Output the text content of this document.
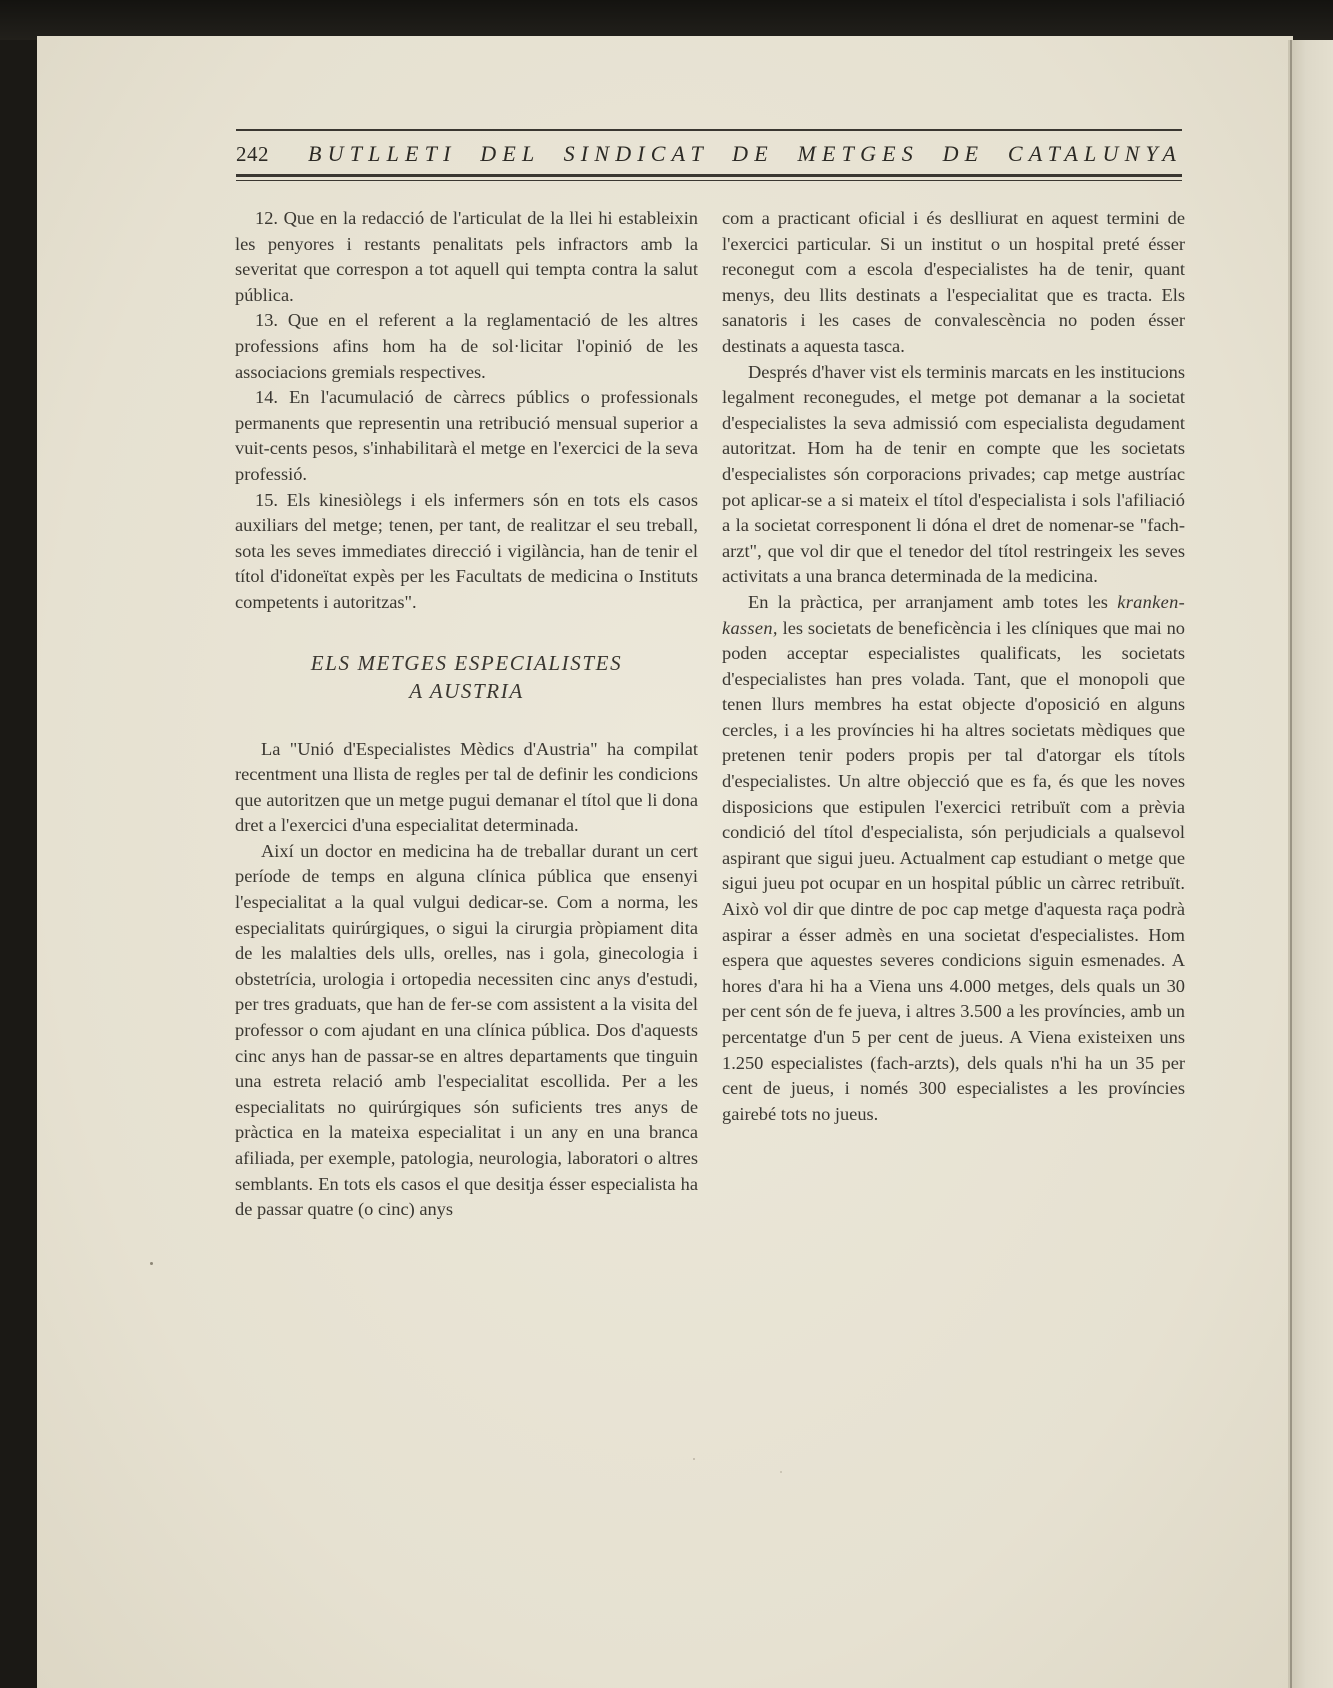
242 BUTLLETI DEL SINDICAT DE METGES DE CATALUNYA

12. Que en la redacció de l'articulat de la llei hi estableixin les penyores i restants penalitats pels infractors amb la severitat que correspon a tot aquell qui tempta contra la salut pública.

13. Que en el referent a la reglamentació de les altres professions afins hom ha de sol·licitar l'opinió de les associacions gremials respectives.

14. En l'acumulació de càrrecs públics o professionals permanents que representin una retribució mensual superior a vuit-cents pesos, s'inhabilitarà el metge en l'exercici de la seva professió.

15. Els kinesiòlegs i els infermers són en tots els casos auxiliars del metge; tenen, per tant, de realitzar el seu treball, sota les seves immediates direcció i vigilància, han de tenir el títol d'idoneïtat expès per les Facultats de medicina o Instituts competents i autoritzas".

ELS METGES ESPECIALISTES
A AUSTRIA

La "Unió d'Especialistes Mèdics d'Austria" ha compilat recentment una llista de regles per tal de definir les condicions que autoritzen que un metge pugui demanar el títol que li dona dret a l'exercici d'una especialitat determinada.

Així un doctor en medicina ha de treballar durant un cert període de temps en alguna clínica pública que ensenyi l'especialitat a la qual vulgui dedicar-se. Com a norma, les especialitats quirúrgiques, o sigui la cirurgia pròpiament dita de les malalties dels ulls, orelles, nas i gola, ginecologia i obstetrícia, urologia i ortopedia necessiten cinc anys d'estudi, per tres graduats, que han de fer-se com assistent a la visita del professor o com ajudant en una clínica pública. Dos d'aquests cinc anys han de passar-se en altres departaments que tinguin una estreta relació amb l'especialitat escollida. Per a les especialitats no quirúrgiques són suficients tres anys de pràctica en la mateixa especialitat i un any en una branca afiliada, per exemple, patologia, neurologia, laboratori o altres semblants. En tots els casos el que desitja ésser especialista ha de passar quatre (o cinc) anys

com a practicant oficial i és deslliurat en aquest termini de l'exercici particular. Si un institut o un hospital preté ésser reconegut com a escola d'especialistes ha de tenir, quant menys, deu llits destinats a l'especialitat que es tracta. Els sanatoris i les cases de convalescència no poden ésser destinats a aquesta tasca.

Després d'haver vist els terminis marcats en les institucions legalment reconegudes, el metge pot demanar a la societat d'especialistes la seva admissió com especialista degudament autoritzat. Hom ha de tenir en compte que les societats d'especialistes són corporacions privades; cap metge austríac pot aplicar-se a si mateix el títol d'especialista i sols l'afiliació a la societat corresponent li dóna el dret de nomenar-se "fach-arzt", que vol dir que el tenedor del títol restringeix les seves activitats a una branca determinada de la medicina.

En la pràctica, per arranjament amb totes les kranken-kassen, les societats de beneficència i les clíniques que mai no poden acceptar especialistes qualificats, les societats d'especialistes han pres volada. Tant, que el monopoli que tenen llurs membres ha estat objecte d'oposició en alguns cercles, i a les províncies hi ha altres societats mèdiques que pretenen tenir poders propis per tal d'atorgar els títols d'especialistes. Un altre objecció que es fa, és que les noves disposicions que estipulen l'exercici retribuït com a prèvia condició del títol d'especialista, són perjudicials a qualsevol aspirant que sigui jueu. Actualment cap estudiant o metge que sigui jueu pot ocupar en un hospital públic un càrrec retribuït. Això vol dir que dintre de poc cap metge d'aquesta raça podrà aspirar a ésser admès en una societat d'especialistes. Hom espera que aquestes severes condicions siguin esmenades. A hores d'ara hi ha a Viena uns 4.000 metges, dels quals un 30 per cent són de fe jueva, i altres 3.500 a les províncies, amb un percentatge d'un 5 per cent de jueus. A Viena existeixen uns 1.250 especialistes (fach-arzts), dels quals n'hi ha un 35 per cent de jueus, i només 300 especialistes a les províncies gairebé tots no jueus.
